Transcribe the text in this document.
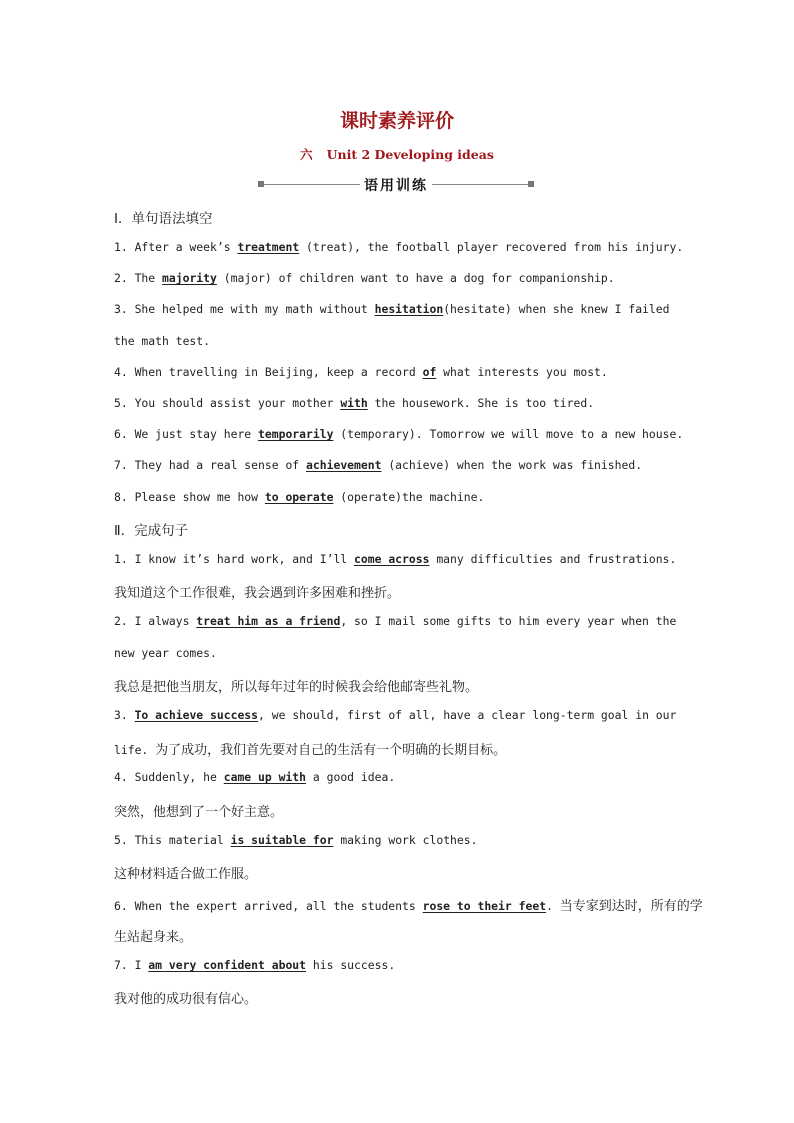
课时素养评价
六 Unit 2 Developing ideas
语用训练
Ⅰ．单句语法填空
1. After a week’s treatment (treat), the football player recovered from his injury.
2. The majority (major) of children want to have a dog for companionship.
3. She helped me with my math without hesitation(hesitate) when she knew I failed
the math test.
4. When travelling in Beijing, keep a record of what interests you most.
5. You should assist your mother with the housework. She is too tired.
6. We just stay here temporarily (temporary). Tomorrow we will move to a new house.
7. They had a real sense of achievement (achieve) when the work was finished.
8. Please show me how to operate (operate)the machine.
Ⅱ．完成句子
1. I know it’s hard work, and I’ll come across many difficulties and frustrations.
我知道这个工作很难，我会遇到许多困难和挫折。
2. I always treat him as a friend, so I mail some gifts to him every year when the
new year comes.
我总是把他当朋友，所以每年过年的时候我会给他邮寄些礼物。
3. To achieve success, we should, first of all, have a clear long-term goal in our
life. 为了成功，我们首先要对自己的生活有一个明确的长期目标。
4. Suddenly, he came up with a good idea.
突然，他想到了一个好主意。
5. This material is suitable for making work clothes.
这种材料适合做工作服。
6. When the expert arrived, all the students rose to their feet. 当专家到达时，所有的学
生站起身来。
7. I am very confident about his success.
我对他的成功很有信心。
